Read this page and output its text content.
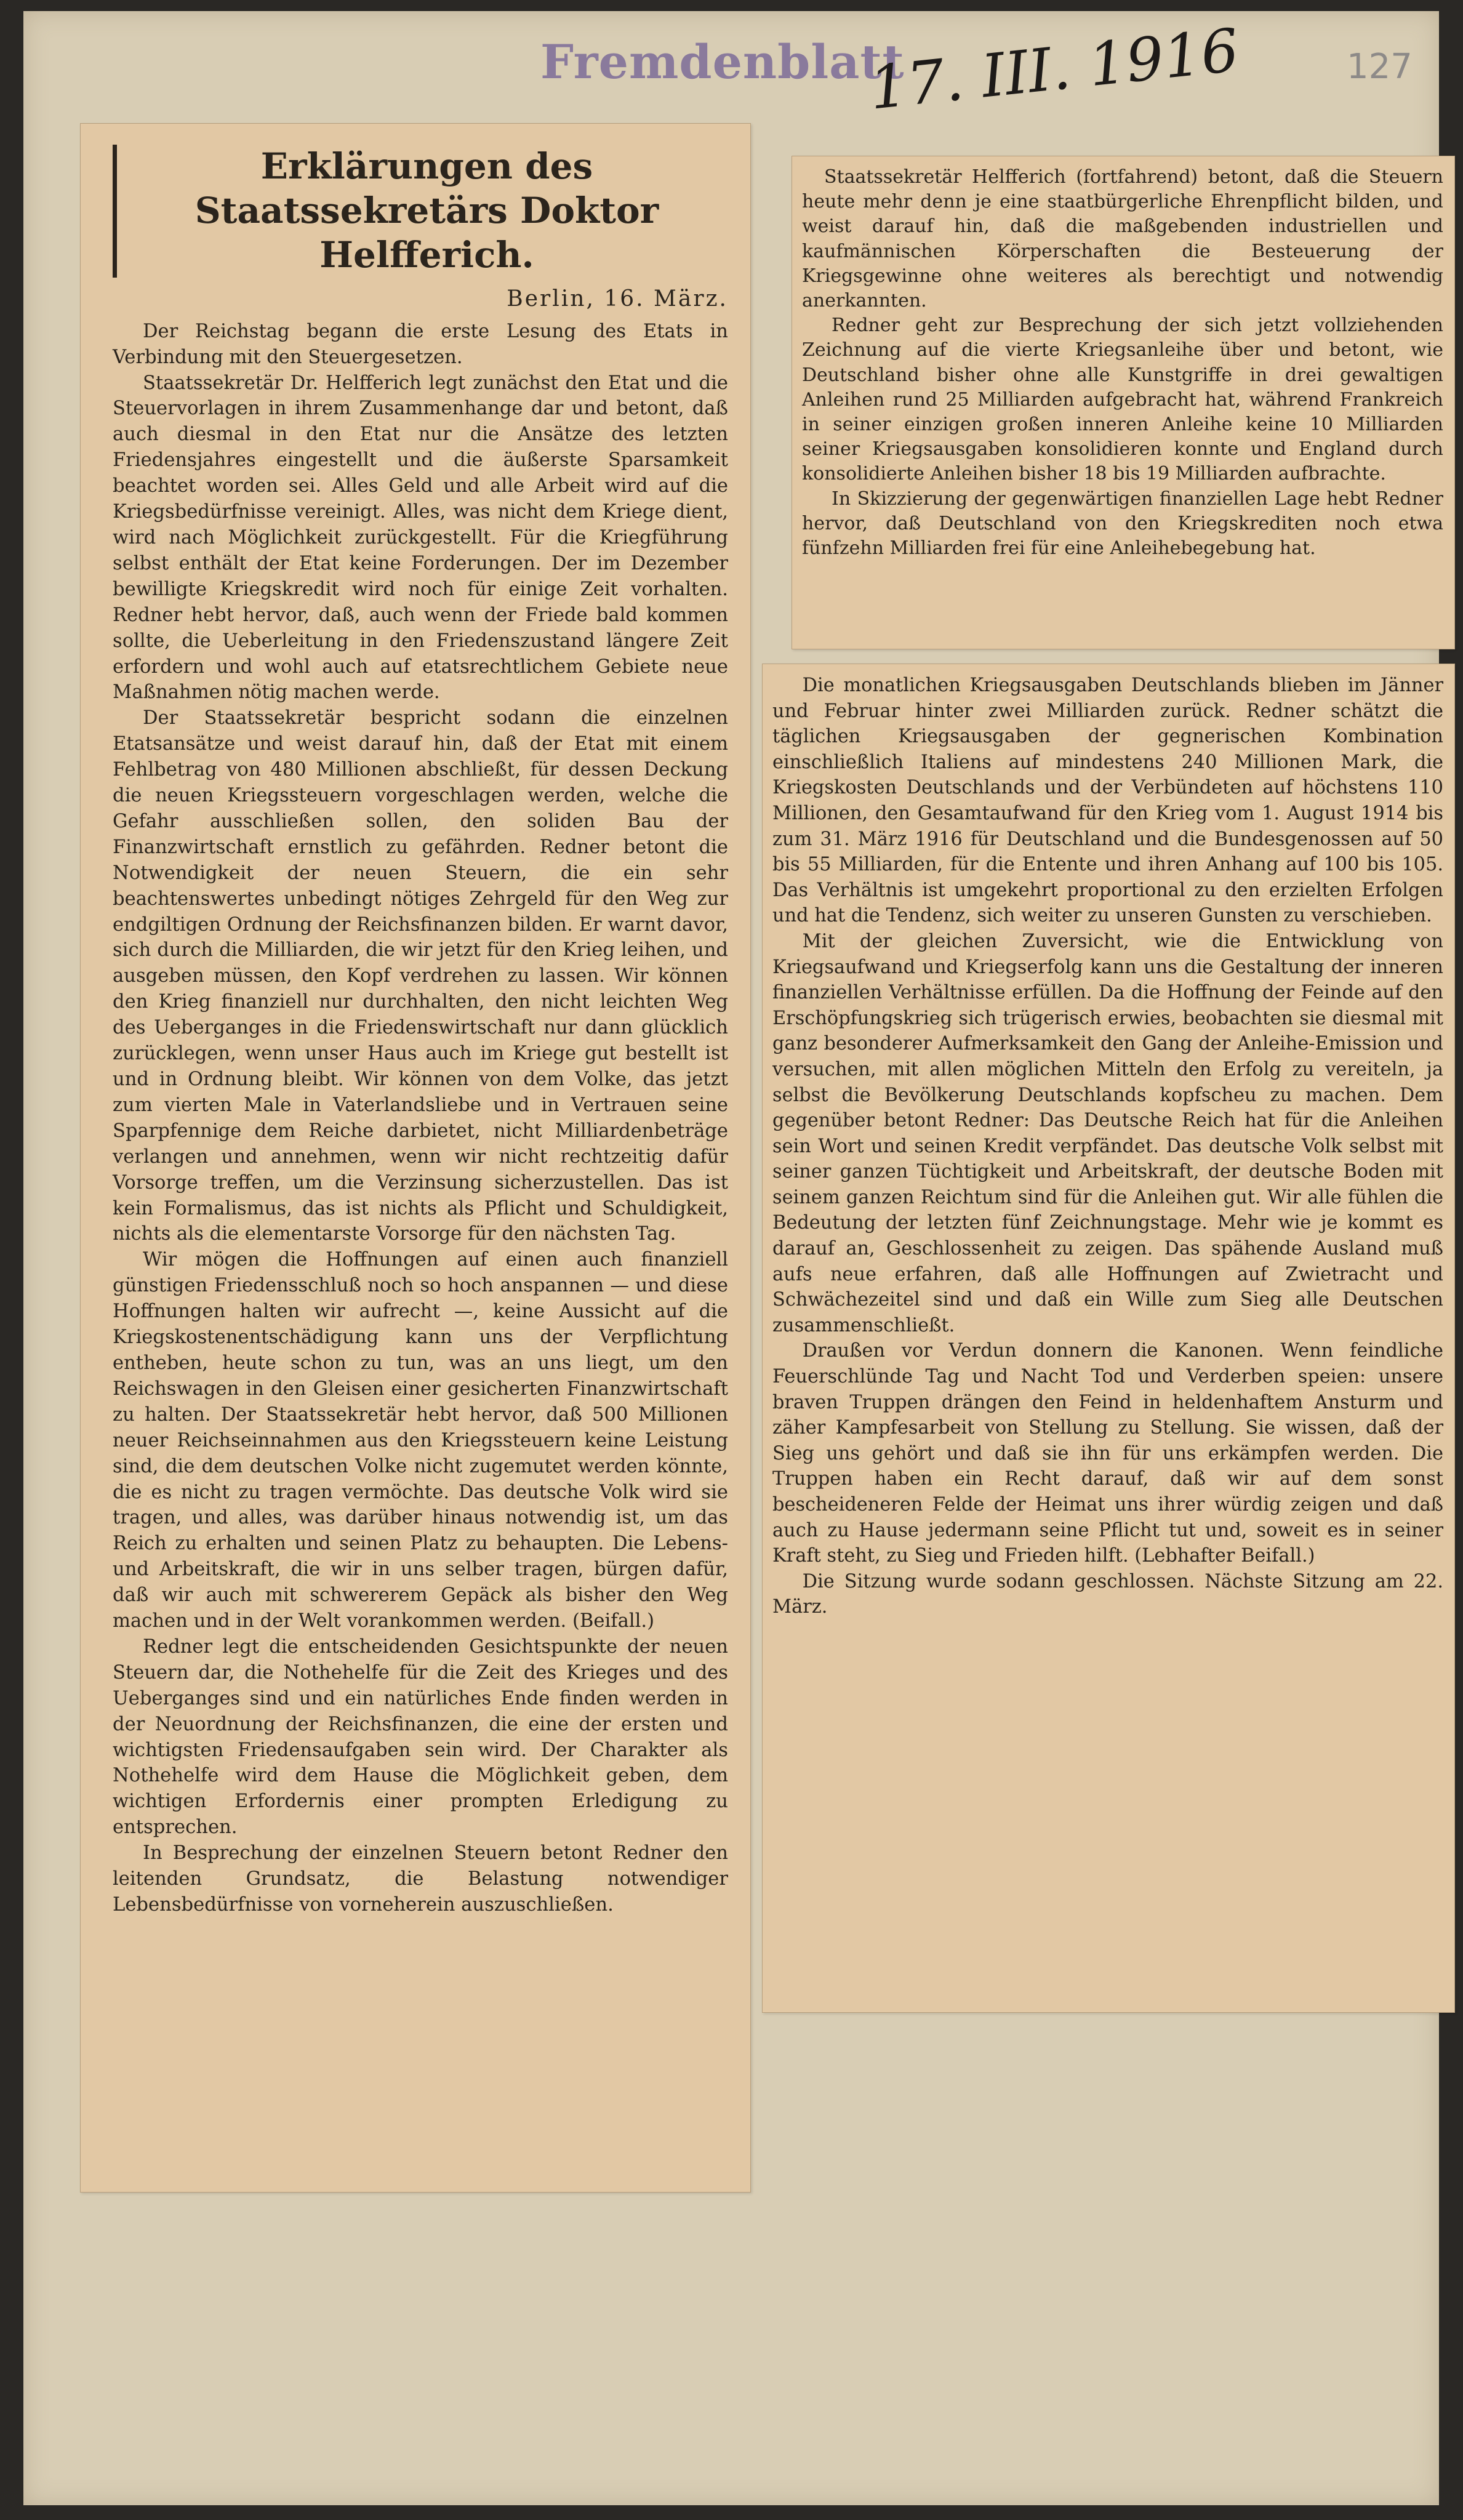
Fremdenblatt
17. III. 1916	127
Erklärungen des Staatssekretärs Doktor Helfferich.
Berlin, 16. März.

Der Reichstag begann die erste Lesung des Etats in Verbindung mit den Steuergesetzen.

Staatssekretär Dr. Helfferich legt zunächst den Etat und die Steuervorlagen in ihrem Zusammenhange dar und betont, daß auch diesmal in den Etat nur die Ansätze des letzten Friedensjahres eingestellt und die äußerste Sparsamkeit beachtet worden sei. Alles Geld und alle Arbeit wird auf die Kriegsbedürfnisse vereinigt. Alles, was nicht dem Kriege dient, wird nach Möglichkeit zurückgestellt. Für die Kriegführung selbst enthält der Etat keine Forderungen. Der im Dezember bewilligte Kriegskredit wird noch für einige Zeit vorhalten. Redner hebt hervor, daß, auch wenn der Friede bald kommen sollte, die Ueberleitung in den Friedenszustand längere Zeit erfordern und wohl auch auf etatsrechtlichem Gebiete neue Maßnahmen nötig machen werde.

Der Staatssekretär bespricht sodann die einzelnen Etatsansätze und weist darauf hin, daß der Etat mit einem Fehlbetrag von 480 Millionen abschließt, für dessen Deckung die neuen Kriegssteuern vorgeschlagen werden, welche die Gefahr ausschließen sollen, den soliden Bau der Finanzwirtschaft ernstlich zu gefährden. Redner betont die Notwendigkeit der neuen Steuern, die ein sehr beachtenswertes unbedingt nötiges Zehrgeld für den Weg zur endgiltigen Ordnung der Reichsfinanzen bilden. Er warnt davor, sich durch die Milliarden, die wir jetzt für den Krieg leihen, und ausgeben müssen, den Kopf verdrehen zu lassen. Wir können den Krieg finanziell nur durchhalten, den nicht leichten Weg des Ueberganges in die Friedenswirtschaft nur dann glücklich zurücklegen, wenn unser Haus auch im Kriege gut bestellt ist und in Ordnung bleibt. Wir können von dem Volke, das jetzt zum vierten Male in Vaterlandsliebe und in Vertrauen seine Sparpfennige dem Reiche darbietet, nicht Milliardenbeträge verlangen und annehmen, wenn wir nicht rechtzeitig dafür Vorsorge treffen, um die Verzinsung sicherzustellen. Das ist kein Formalismus, das ist nichts als Pflicht und Schuldigkeit, nichts als die elementarste Vorsorge für den nächsten Tag.

Wir mögen die Hoffnungen auf einen auch finanziell günstigen Friedensschluß noch so hoch anspannen — und diese Hoffnungen halten wir aufrecht —, keine Aussicht auf die Kriegskostenentschädigung kann uns der Verpflichtung entheben, heute schon zu tun, was an uns liegt, um den Reichswagen in den Gleisen einer gesicherten Finanzwirtschaft zu halten. Der Staatssekretär hebt hervor, daß 500 Millionen neuer Reichseinnahmen aus den Kriegssteuern keine Leistung sind, die dem deutschen Volke nicht zugemutet werden könnte, die es nicht zu tragen vermöchte. Das deutsche Volk wird sie tragen, und alles, was darüber hinaus notwendig ist, um das Reich zu erhalten und seinen Platz zu behaupten. Die Lebens- und Arbeitskraft, die wir in uns selber tragen, bürgen dafür, daß wir auch mit schwererem Gepäck als bisher den Weg machen und in der Welt vorankommen werden. (Beifall.)

Redner legt die entscheidenden Gesichtspunkte der neuen Steuern dar, die Nothehelfe für die Zeit des Krieges und des Ueberganges sind und ein natürliches Ende finden werden in der Neuordnung der Reichsfinanzen, die eine der ersten und wichtigsten Friedensaufgaben sein wird. Der Charakter als Nothehelfe wird dem Hause die Möglichkeit geben, dem wichtigen Erfordernis einer prompten Erledigung zu entsprechen.

In Besprechung der einzelnen Steuern betont Redner den leitenden Grundsatz, die Belastung notwendiger Lebensbedürfnisse von vorneherein auszuschließen.

Staatssekretär Helfferich (fortfahrend) betont, daß die Steuern heute mehr denn je eine staatbürgerliche Ehrenpflicht bilden, und weist darauf hin, daß die maßgebenden industriellen und kaufmännischen Körperschaften die Besteuerung der Kriegsgewinne ohne weiteres als berechtigt und notwendig anerkannten.

Redner geht zur Besprechung der sich jetzt vollziehenden Zeichnung auf die vierte Kriegsanleihe über und betont, wie Deutschland bisher ohne alle Kunstgriffe in drei gewaltigen Anleihen rund 25 Milliarden aufgebracht hat, während Frankreich in seiner einzigen großen inneren Anleihe keine 10 Milliarden seiner Kriegsausgaben konsolidieren konnte und England durch konsolidierte Anleihen bisher 18 bis 19 Milliarden aufbrachte.

In Skizzierung der gegenwärtigen finanziellen Lage hebt Redner hervor, daß Deutschland von den Kriegskrediten noch etwa fünfzehn Milliarden frei für eine Anleihebegebung hat.

Die monatlichen Kriegsausgaben Deutschlands blieben im Jänner und Februar hinter zwei Milliarden zurück. Redner schätzt die täglichen Kriegsausgaben der gegnerischen Kombination einschließlich Italiens auf mindestens 240 Millionen Mark, die Kriegskosten Deutschlands und der Verbündeten auf höchstens 110 Millionen, den Gesamtaufwand für den Krieg vom 1. August 1914 bis zum 31. März 1916 für Deutschland und die Bundesgenossen auf 50 bis 55 Milliarden, für die Entente und ihren Anhang auf 100 bis 105. Das Verhältnis ist umgekehrt proportional zu den erzielten Erfolgen und hat die Tendenz, sich weiter zu unseren Gunsten zu verschieben.

Mit der gleichen Zuversicht, wie die Entwicklung von Kriegsaufwand und Kriegserfolg kann uns die Gestaltung der inneren finanziellen Verhältnisse erfüllen. Da die Hoffnung der Feinde auf den Erschöpfungskrieg sich trügerisch erwies, beobachten sie diesmal mit ganz besonderer Aufmerksamkeit den Gang der Anleihe-Emission und versuchen, mit allen möglichen Mitteln den Erfolg zu vereiteln, ja selbst die Bevölkerung Deutschlands kopfscheu zu machen. Dem gegenüber betont Redner: Das Deutsche Reich hat für die Anleihen sein Wort und seinen Kredit verpfändet. Das deutsche Volk selbst mit seiner ganzen Tüchtigkeit und Arbeitskraft, der deutsche Boden mit seinem ganzen Reichtum sind für die Anleihen gut. Wir alle fühlen die Bedeutung der letzten fünf Zeichnungstage. Mehr wie je kommt es darauf an, Geschlossenheit zu zeigen. Das spähende Ausland muß aufs neue erfahren, daß alle Hoffnungen auf Zwietracht und Schwächezeitel sind und daß ein Wille zum Sieg alle Deutschen zusammenschließt.

Draußen vor Verdun donnern die Kanonen. Wenn feindliche Feuerschlünde Tag und Nacht Tod und Verderben speien: unsere braven Truppen drängen den Feind in heldenhaftem Ansturm und zäher Kampfesarbeit von Stellung zu Stellung. Sie wissen, daß der Sieg uns gehört und daß sie ihn für uns erkämpfen werden. Die Truppen haben ein Recht darauf, daß wir auf dem sonst bescheideneren Felde der Heimat uns ihrer würdig zeigen und daß auch zu Hause jedermann seine Pflicht tut und, soweit es in seiner Kraft steht, zu Sieg und Frieden hilft. (Lebhafter Beifall.)

Die Sitzung wurde sodann geschlossen. Nächste Sitzung am 22. März.
